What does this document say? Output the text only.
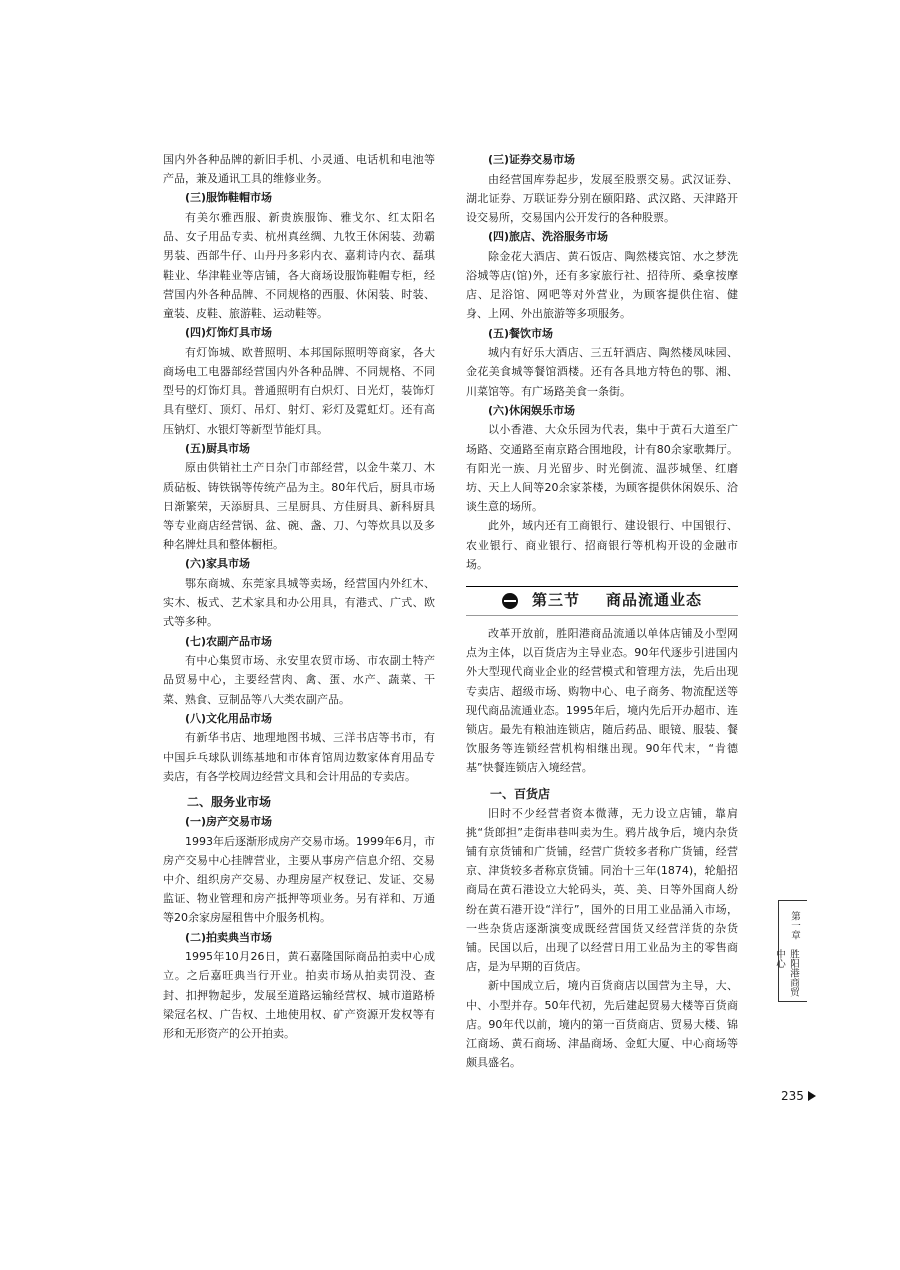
国内外各种品牌的新旧手机、小灵通、电话机和电池等产品，兼及通讯工具的维修业务。

(三)服饰鞋帽市场

有美尔雅西服、新贵族服饰、雅戈尔、红太阳名品、女子用品专卖、杭州真丝绸、九牧王休闲装、劲霸男装、西部牛仔、山丹丹多彩内衣、嘉莉诗内衣、磊琪鞋业、华津鞋业等店铺，各大商场设服饰鞋帽专柜，经营国内外各种品牌、不同规格的西服、休闲装、时装、童装、皮鞋、旅游鞋、运动鞋等。

(四)灯饰灯具市场

有灯饰城、欧普照明、本邦国际照明等商家，各大商场电工电器部经营国内外各种品牌、不同规格、不同型号的灯饰灯具。普通照明有白炽灯、日光灯，装饰灯具有壁灯、顶灯、吊灯、射灯、彩灯及霓虹灯。还有高压钠灯、水银灯等新型节能灯具。

(五)厨具市场

原由供销社土产日杂门市部经营，以金牛菜刀、木质砧板、铸铁锅等传统产品为主。80年代后，厨具市场日渐繁荣，天添厨具、三星厨具、方佳厨具、新科厨具等专业商店经营锅、盆、碗、盏、刀、勺等炊具以及多种名牌灶具和整体橱柜。

(六)家具市场

鄂东商城、东莞家具城等卖场，经营国内外红木、实木、板式、艺术家具和办公用具，有港式、广式、欧式等多种。

(七)农副产品市场

有中心集贸市场、永安里农贸市场、市农副土特产品贸易中心，主要经营肉、禽、蛋、水产、蔬菜、干菜、熟食、豆制品等八大类农副产品。

(八)文化用品市场

有新华书店、地理地图书城、三洋书店等书市，有中国乒乓球队训练基地和市体育馆周边数家体育用品专卖店，有各学校周边经营文具和会计用品的专卖店。

二、服务业市场
(一)房产交易市场

1993年后逐渐形成房产交易市场。1999年6月，市房产交易中心挂牌营业，主要从事房产信息介绍、交易中介、组织房产交易、办理房屋产权登记、发证、交易监证、物业管理和房产抵押等项业务。另有祥和、万通等20余家房屋租售中介服务机构。

(二)拍卖典当市场

1995年10月26日，黄石嘉隆国际商品拍卖中心成立。之后嘉旺典当行开业。拍卖市场从拍卖罚没、查封、扣押物起步，发展至道路运输经营权、城市道路桥梁冠名权、广告权、土地使用权、矿产资源开发权等有形和无形资产的公开拍卖。

(三)证券交易市场

由经营国库券起步，发展至股票交易。武汉证券、湖北证券、万联证券分别在颐阳路、武汉路、天津路开设交易所，交易国内公开发行的各种股票。

(四)旅店、洗浴服务市场

除金花大酒店、黄石饭店、陶然楼宾馆、水之梦洗浴城等店(馆)外，还有多家旅行社、招待所、桑拿按摩店、足浴馆、网吧等对外营业，为顾客提供住宿、健身、上网、外出旅游等多项服务。

(五)餐饮市场

城内有好乐大酒店、三五轩酒店、陶然楼凤味园、金花美食城等餐馆酒楼。还有各具地方特色的鄂、湘、川菜馆等。有广场路美食一条街。

(六)休闲娱乐市场

以小香港、大众乐园为代表，集中于黄石大道至广场路、交通路至南京路合围地段，计有80余家歌舞厅。有阳光一族、月光留步、时光倒流、温莎城堡、红磨坊、天上人间等20余家茶楼，为顾客提供休闲娱乐、洽谈生意的场所。

此外，域内还有工商银行、建设银行、中国银行、农业银行、商业银行、招商银行等机构开设的金融市场。

第三节 商品流通业态

改革开放前，胜阳港商品流通以单体店铺及小型网点为主体，以百货店为主导业态。90年代逐步引进国内外大型现代商业企业的经营模式和管理方法，先后出现专卖店、超级市场、购物中心、电子商务、物流配送等现代商品流通业态。1995年后，境内先后开办超市、连锁店。最先有粮油连锁店，随后药品、眼镜、服装、餐饮服务等连锁经营机构相继出现。90年代末，“肯德基”快餐连锁店入境经营。

一、百货店

旧时不少经营者资本微薄，无力设立店铺，靠肩挑“货郎担”走街串巷叫卖为生。鸦片战争后，境内杂货铺有京货铺和广货铺，经营广货较多者称广货铺，经营京、津货较多者称京货铺。同治十三年(1874)，轮船招商局在黄石港设立大轮码头，英、美、日等外国商人纷纷在黄石港开设“洋行”，国外的日用工业品涌入市场，一些杂货店逐渐演变成既经营国货又经营洋货的杂货铺。民国以后，出现了以经营日用工业品为主的零售商店，是为早期的百货店。

新中国成立后，境内百货商店以国营为主导，大、中、小型并存。50年代初，先后建起贸易大楼等百货商店。90年代以前，境内的第一百货商店、贸易大楼、锦江商场、黄石商场、津晶商场、金虹大厦、中心商场等颇具盛名。

第一章
胜阳港商贸中心
235
